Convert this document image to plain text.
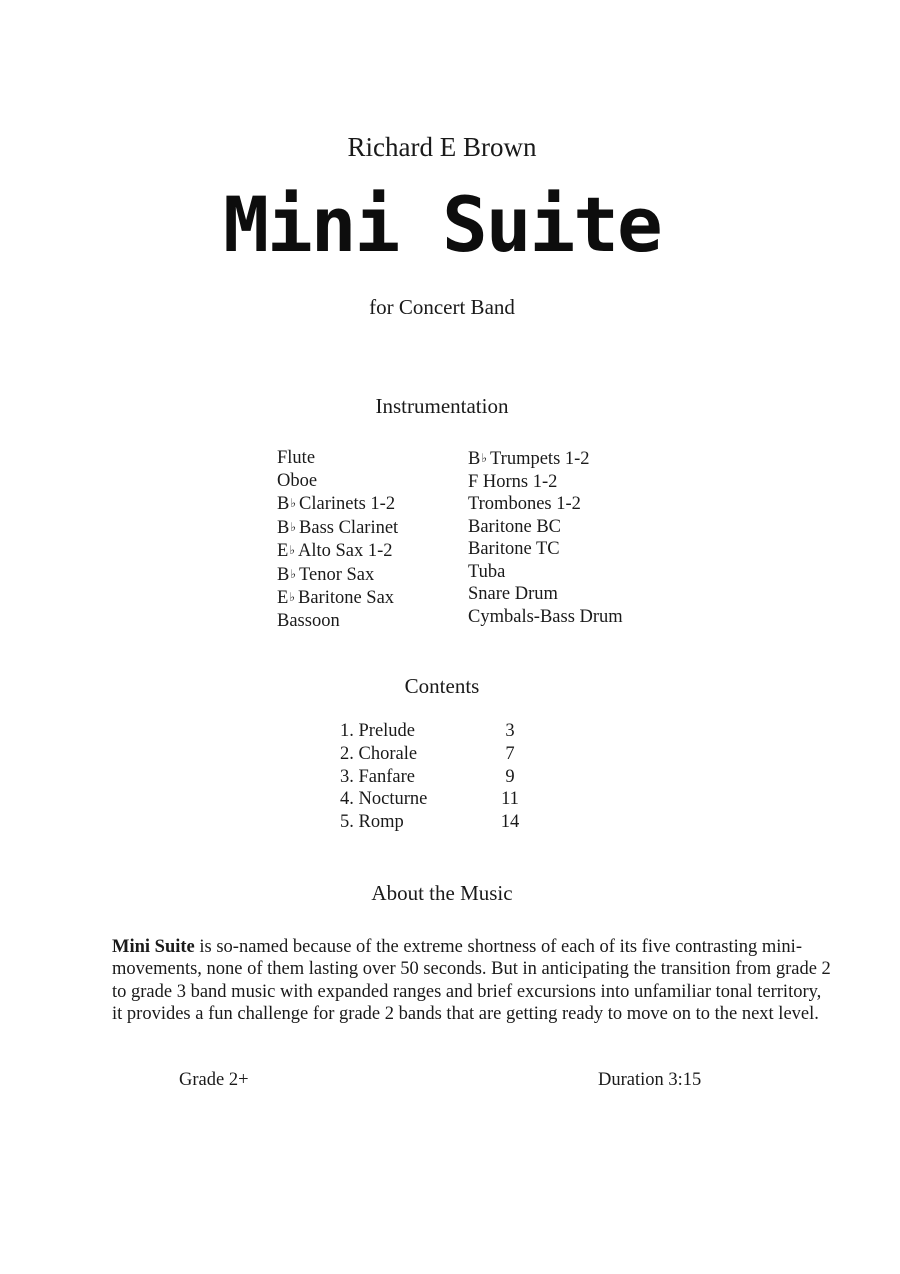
Richard E Brown
Mini Suite
for Concert Band
Instrumentation
Flute
Oboe
B♭ Clarinets 1-2
B♭ Bass Clarinet
E♭ Alto Sax 1-2
B♭ Tenor Sax
E♭ Baritone Sax
Bassoon
B♭ Trumpets 1-2
F Horns 1-2
Trombones 1-2
Baritone BC
Baritone TC
Tuba
Snare Drum
Cymbals-Bass Drum
Contents
1. Prelude	3
2. Chorale	7
3. Fanfare	9
4. Nocturne	11
5. Romp	14
About the Music
Mini Suite is so-named because of the extreme shortness of each of its five contrasting mini-movements, none of them lasting over 50 seconds. But in anticipating the transition from grade 2 to grade 3 band music with expanded ranges and brief excursions into unfamiliar tonal territory, it provides a fun challenge for grade 2 bands that are getting ready to move on to the next level.
Grade 2+	Duration 3:15
